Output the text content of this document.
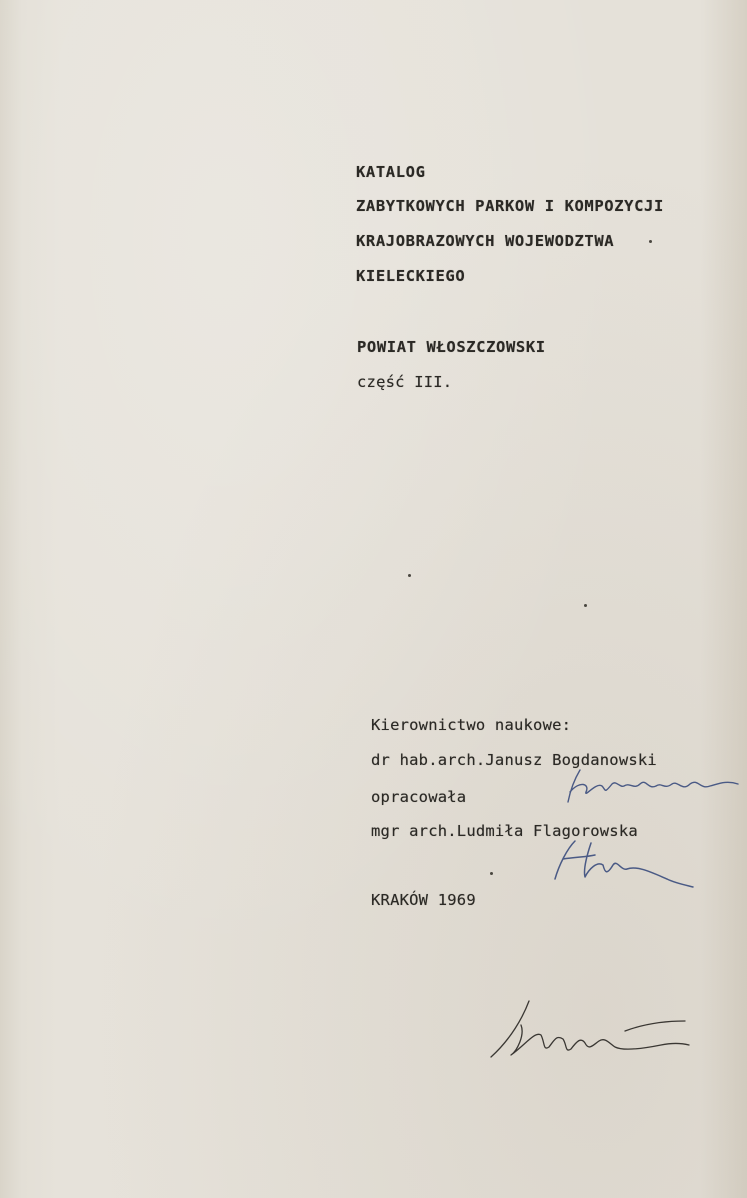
KATALOG

ZABYTKOWYCH PARKOW I KOMPOZYCJI

KRAJOBRAZOWYCH WOJEWODZTWA

KIELECKIEGO

POWIAT WŁOSZCZOWSKI

część III.

Kierownictwo naukowe:

dr hab.arch.Janusz Bogdanowski

opracowała

mgr arch.Ludmiła Flagorowska

KRAKÓW 1969
